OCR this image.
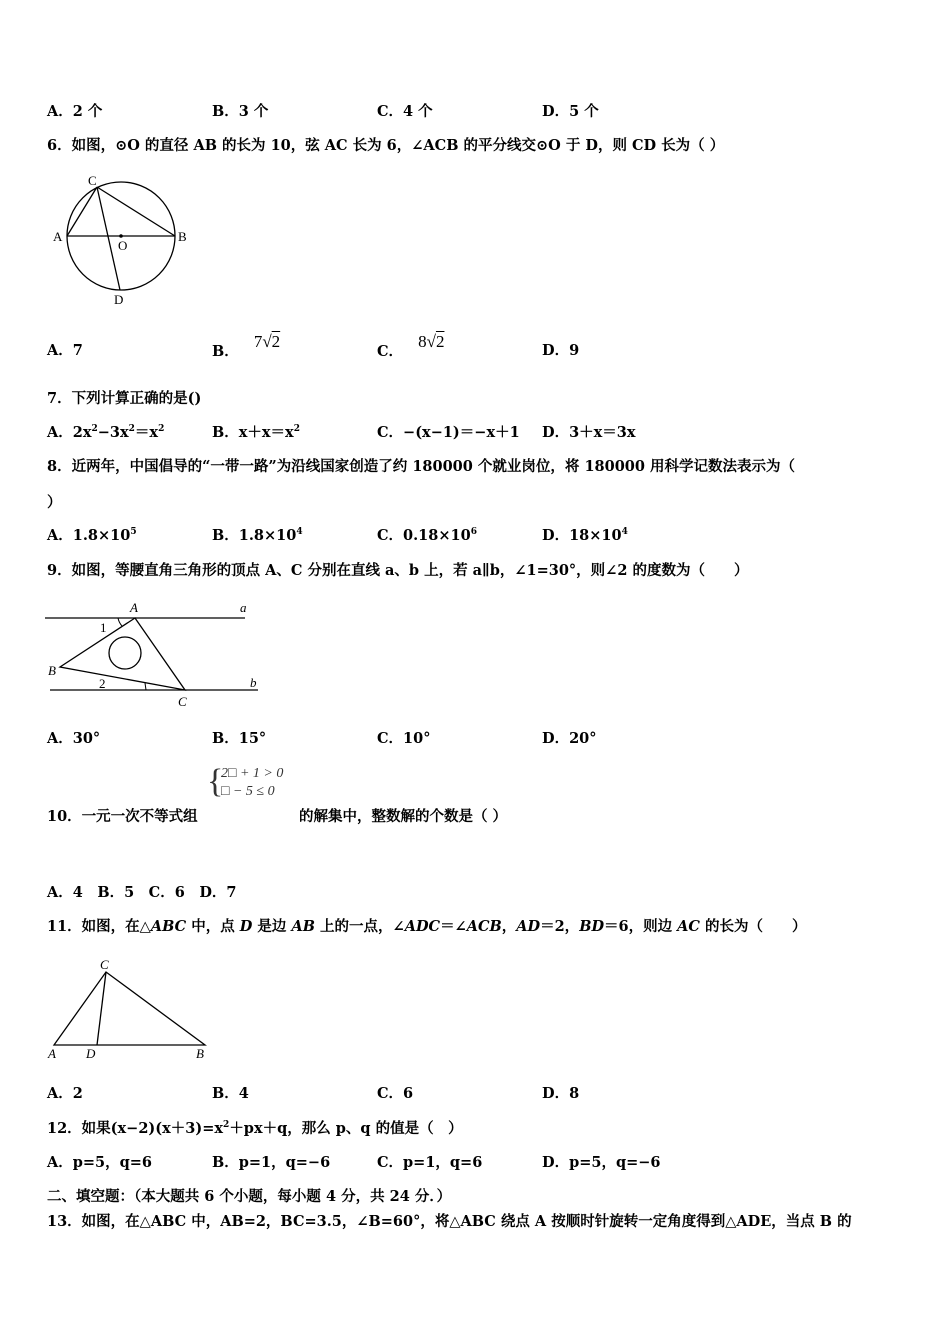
A．2 个	B．3 个	C．4 个	D．5 个
6．如图，⊙O 的直径 AB 的长为 10，弦 AC 长为 6，∠ACB 的平分线交⊙O 于 D，则 CD 长为（ ）
C
A	B
O
D
A．7	B． 7√2
C． 8√2	D．9
7．下列计算正确的是()
A．$2x^2-3x^2=x^2$	B．$x+x=x^2$	C．−(x−1)＝−x＋1 D．3＋x＝3x
8．近两年，中国倡导的“一带一路”为沿线国家创造了约 180000 个就业岗位，将 180000 用科学记数法表示为（
）
A．$1.8\times 10^5$	B．$1.8\times 10^4$	C．$0.18\times 10^6$	D．$18\times 10^4$
9．如图，等腰直角三角形的顶点 A、C 分别在直线 a、b 上，若 a∥b，∠1=30°，则∠2 的度数为（　　）
A	a
B
b
C
1
2
A．30°	B．15°	C．10°	D．20°
{
2□ + 1 > 0
□ − 5 ≤ 0
10．一元一次不等式组	的解集中，整数解的个数是（ ）
A．4　B．5　C．6　D．7
11．如图，在△ABC 中，点 D 是边 AB 上的一点，∠ADC＝∠ACB，AD＝2，BD＝6，则边 AC 的长为（　　）
C
A D	B
A．2	B．4	C．6	D．8
12．如果$(x-2)(x+3)=x^2+px+q$，那么 p、q 的值是（　）
A．p=5，q=6	B．p=1，q=−6	C．p=1，q=6	D．p=5，q=−6
二、填空题：（本大题共 6 个小题，每小题 4 分，共 24 分．）
13．如图，在△ABC 中，AB=2，BC=3.5，∠B=60°，将△ABC 绕点 A 按顺时针旋转一定角度得到△ADE，当点 B 的
